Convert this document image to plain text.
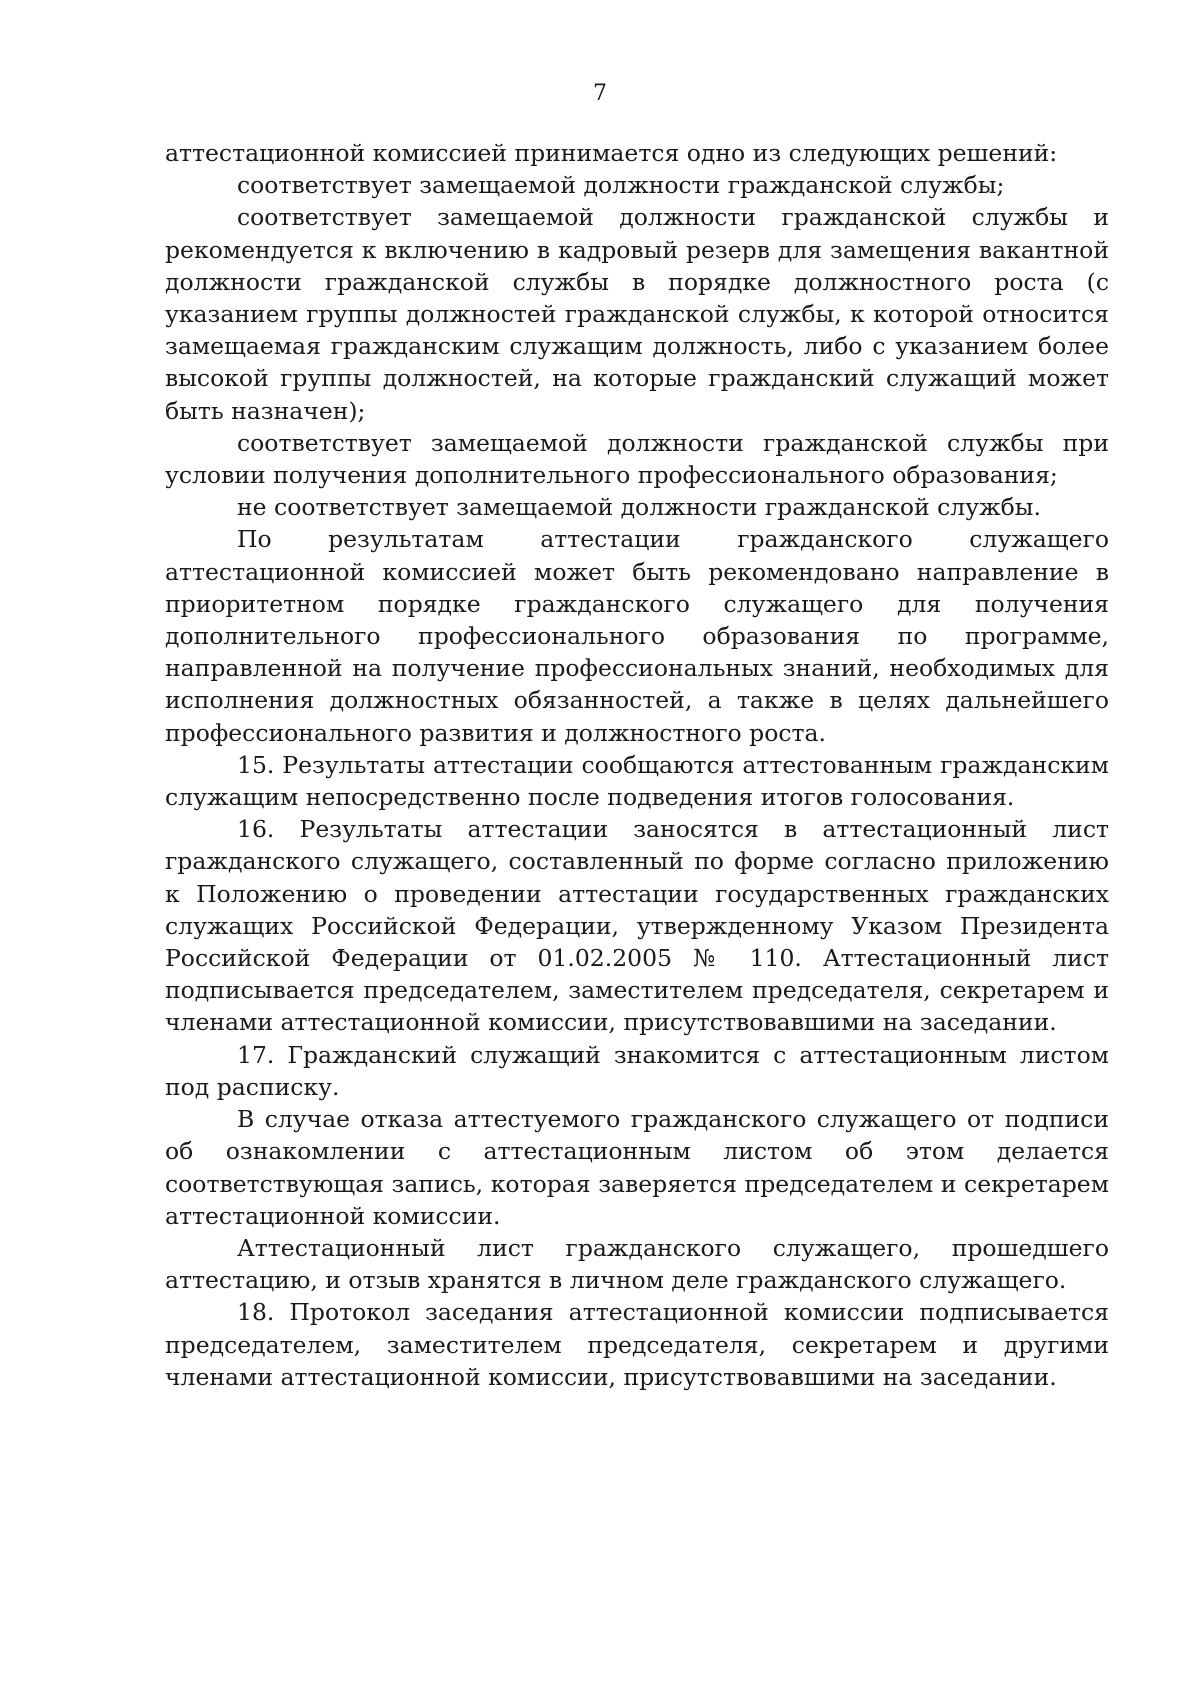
7

аттестационной комиссией принимается одно из следующих решений:

соответствует замещаемой должности гражданской службы;

соответствует замещаемой должности гражданской службы и рекомендуется к включению в кадровый резерв для замещения вакантной должности гражданской службы в порядке должностного роста (с указанием группы должностей гражданской службы, к которой относится замещаемая гражданским служащим должность, либо с указанием более высокой группы должностей, на которые гражданский служащий может быть назначен);

соответствует замещаемой должности гражданской службы при условии получения дополнительного профессионального образования;

не соответствует замещаемой должности гражданской службы.

По результатам аттестации гражданского служащего аттестационной комиссией может быть рекомендовано направление в приоритетном порядке гражданского служащего для получения дополнительного профессионального образования по программе, направленной на получение профессиональных знаний, необходимых для исполнения должностных обязанностей, а также в целях дальнейшего профессионального развития и должностного роста.

15. Результаты аттестации сообщаются аттестованным гражданским служащим непосредственно после подведения итогов голосования.

16. Результаты аттестации заносятся в аттестационный лист гражданского служащего, составленный по форме согласно приложению к Положению о проведении аттестации государственных гражданских служащих Российской Федерации, утвержденному Указом Президента Российской Федерации от 01.02.2005 № 110. Аттестационный лист подписывается председателем, заместителем председателя, секретарем и членами аттестационной комиссии, присутствовавшими на заседании.

17. Гражданский служащий знакомится с аттестационным листом под расписку.

В случае отказа аттестуемого гражданского служащего от подписи об ознакомлении с аттестационным листом об этом делается соответствующая запись, которая заверяется председателем и секретарем аттестационной комиссии.

Аттестационный лист гражданского служащего, прошедшего аттестацию, и отзыв хранятся в личном деле гражданского служащего.

18. Протокол заседания аттестационной комиссии подписывается председателем, заместителем председателя, секретарем и другими членами аттестационной комиссии, присутствовавшими на заседании.
